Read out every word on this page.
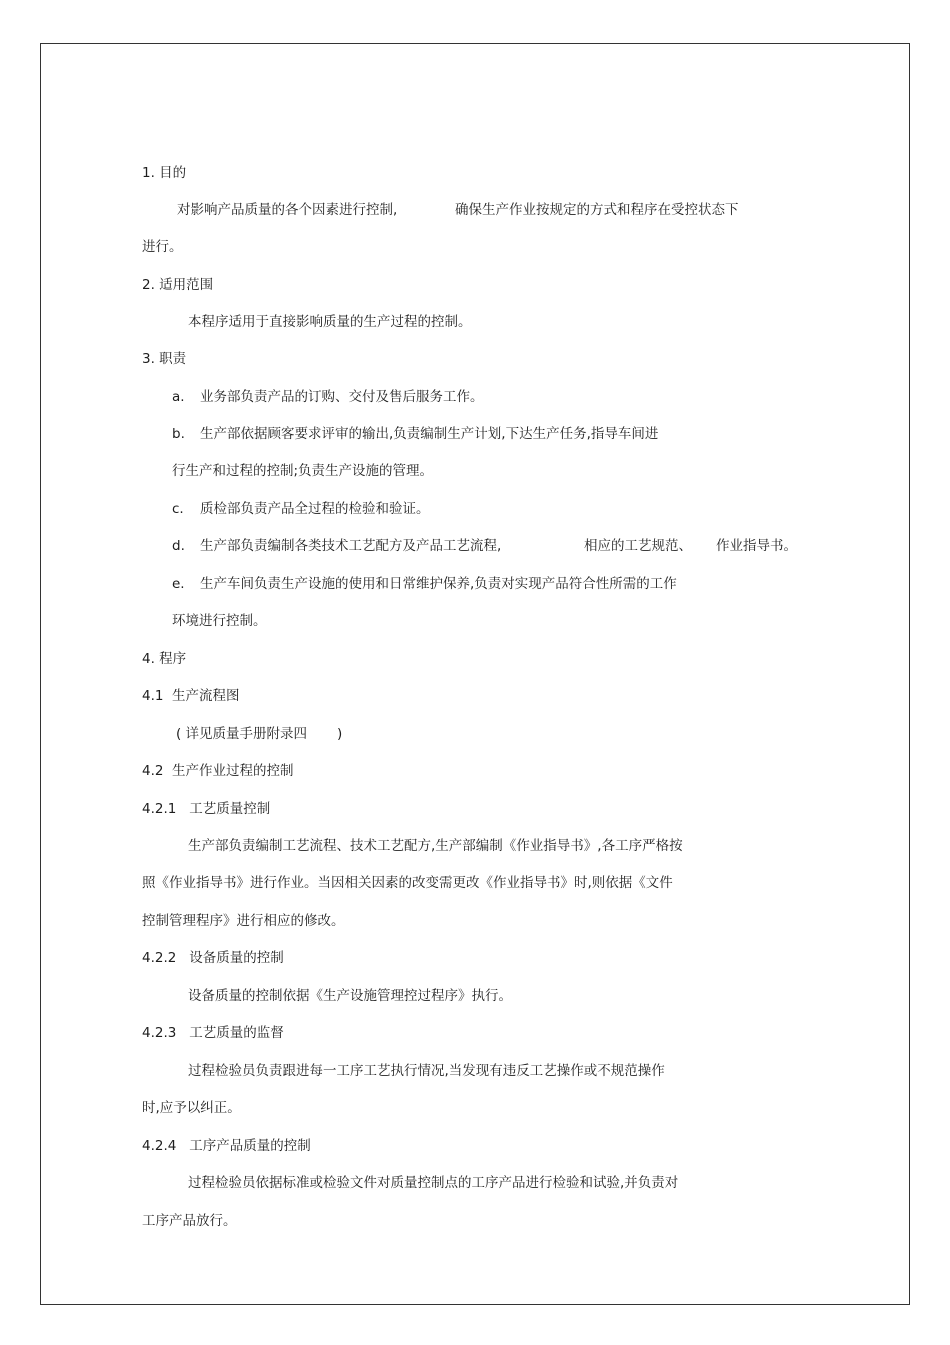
1. 目的
对影响产品质量的各个因素进行控制,	确保生产作业按规定的方式和程序在受控状态下
进行。
2. 适用范围
本程序适用于直接影响质量的生产过程的控制。
3. 职责
a. 业务部负责产品的订购、交付及售后服务工作。
b. 生产部依据顾客要求评审的输出,负责编制生产计划,下达生产任务,指导车间进
行生产和过程的控制;负责生产设施的管理。
c. 质检部负责产品全过程的检验和验证。
d. 生产部负责编制各类技术工艺配方及产品工艺流程,	相应的工艺规范、 作业指导书。
e. 生产车间负责生产设施的使用和日常维护保养,负责对实现产品符合性所需的工作
环境进行控制。
4. 程序
4.1  生产流程图
( 详见质量手册附录四 )
4.2  生产作业过程的控制
4.2.1   工艺质量控制
生产部负责编制工艺流程、技术工艺配方,生产部编制《作业指导书》,各工序严格按
照《作业指导书》进行作业。当因相关因素的改变需更改《作业指导书》时,则依据《文件
控制管理程序》进行相应的修改。
4.2.2   设备质量的控制
设备质量的控制依据《生产设施管理控过程序》执行。
4.2.3   工艺质量的监督
过程检验员负责跟进每一工序工艺执行情况,当发现有违反工艺操作或不规范操作
时,应予以纠正。
4.2.4   工序产品质量的控制
过程检验员依据标准或检验文件对质量控制点的工序产品进行检验和试验,并负责对
工序产品放行。
